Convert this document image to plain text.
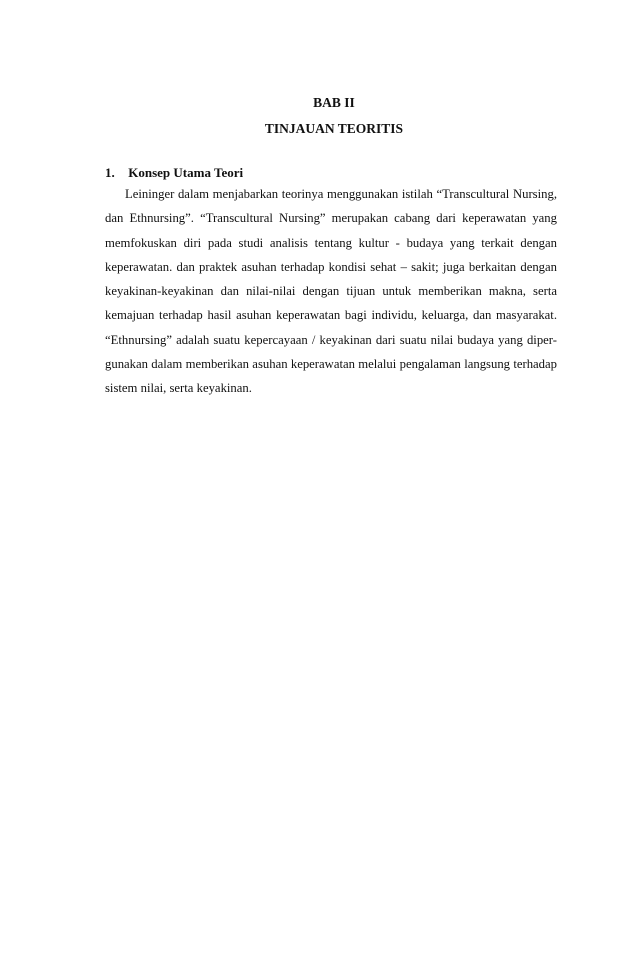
BAB II
TINJAUAN TEORITIS
1. Konsep Utama Teori

Leininger dalam menjabarkan teorinya menggunakan istilah “Transcultural Nursing, dan Ethnursing”. “Transcultural Nursing” merupakan cabang dari keperawatan yang memfokuskan diri pada studi analisis tentang kultur - budaya yang terkait dengan keperawatan. dan praktek asuhan terhadap kondisi sehat – sakit; juga berkaitan dengan keyakinan-keyakinan dan nilai-nilai dengan tijuan untuk memberikan makna, serta kemajuan terhadap hasil asuhan keperawatan bagi individu, keluarga, dan masyarakat. “Ethnursing” adalah suatu kepercayaan / keyakinan dari suatu nilai budaya yang diper-gunakan dalam memberikan asuhan keperawatan melalui pengalaman langsung terhadap sistem nilai, serta keyakinan.
